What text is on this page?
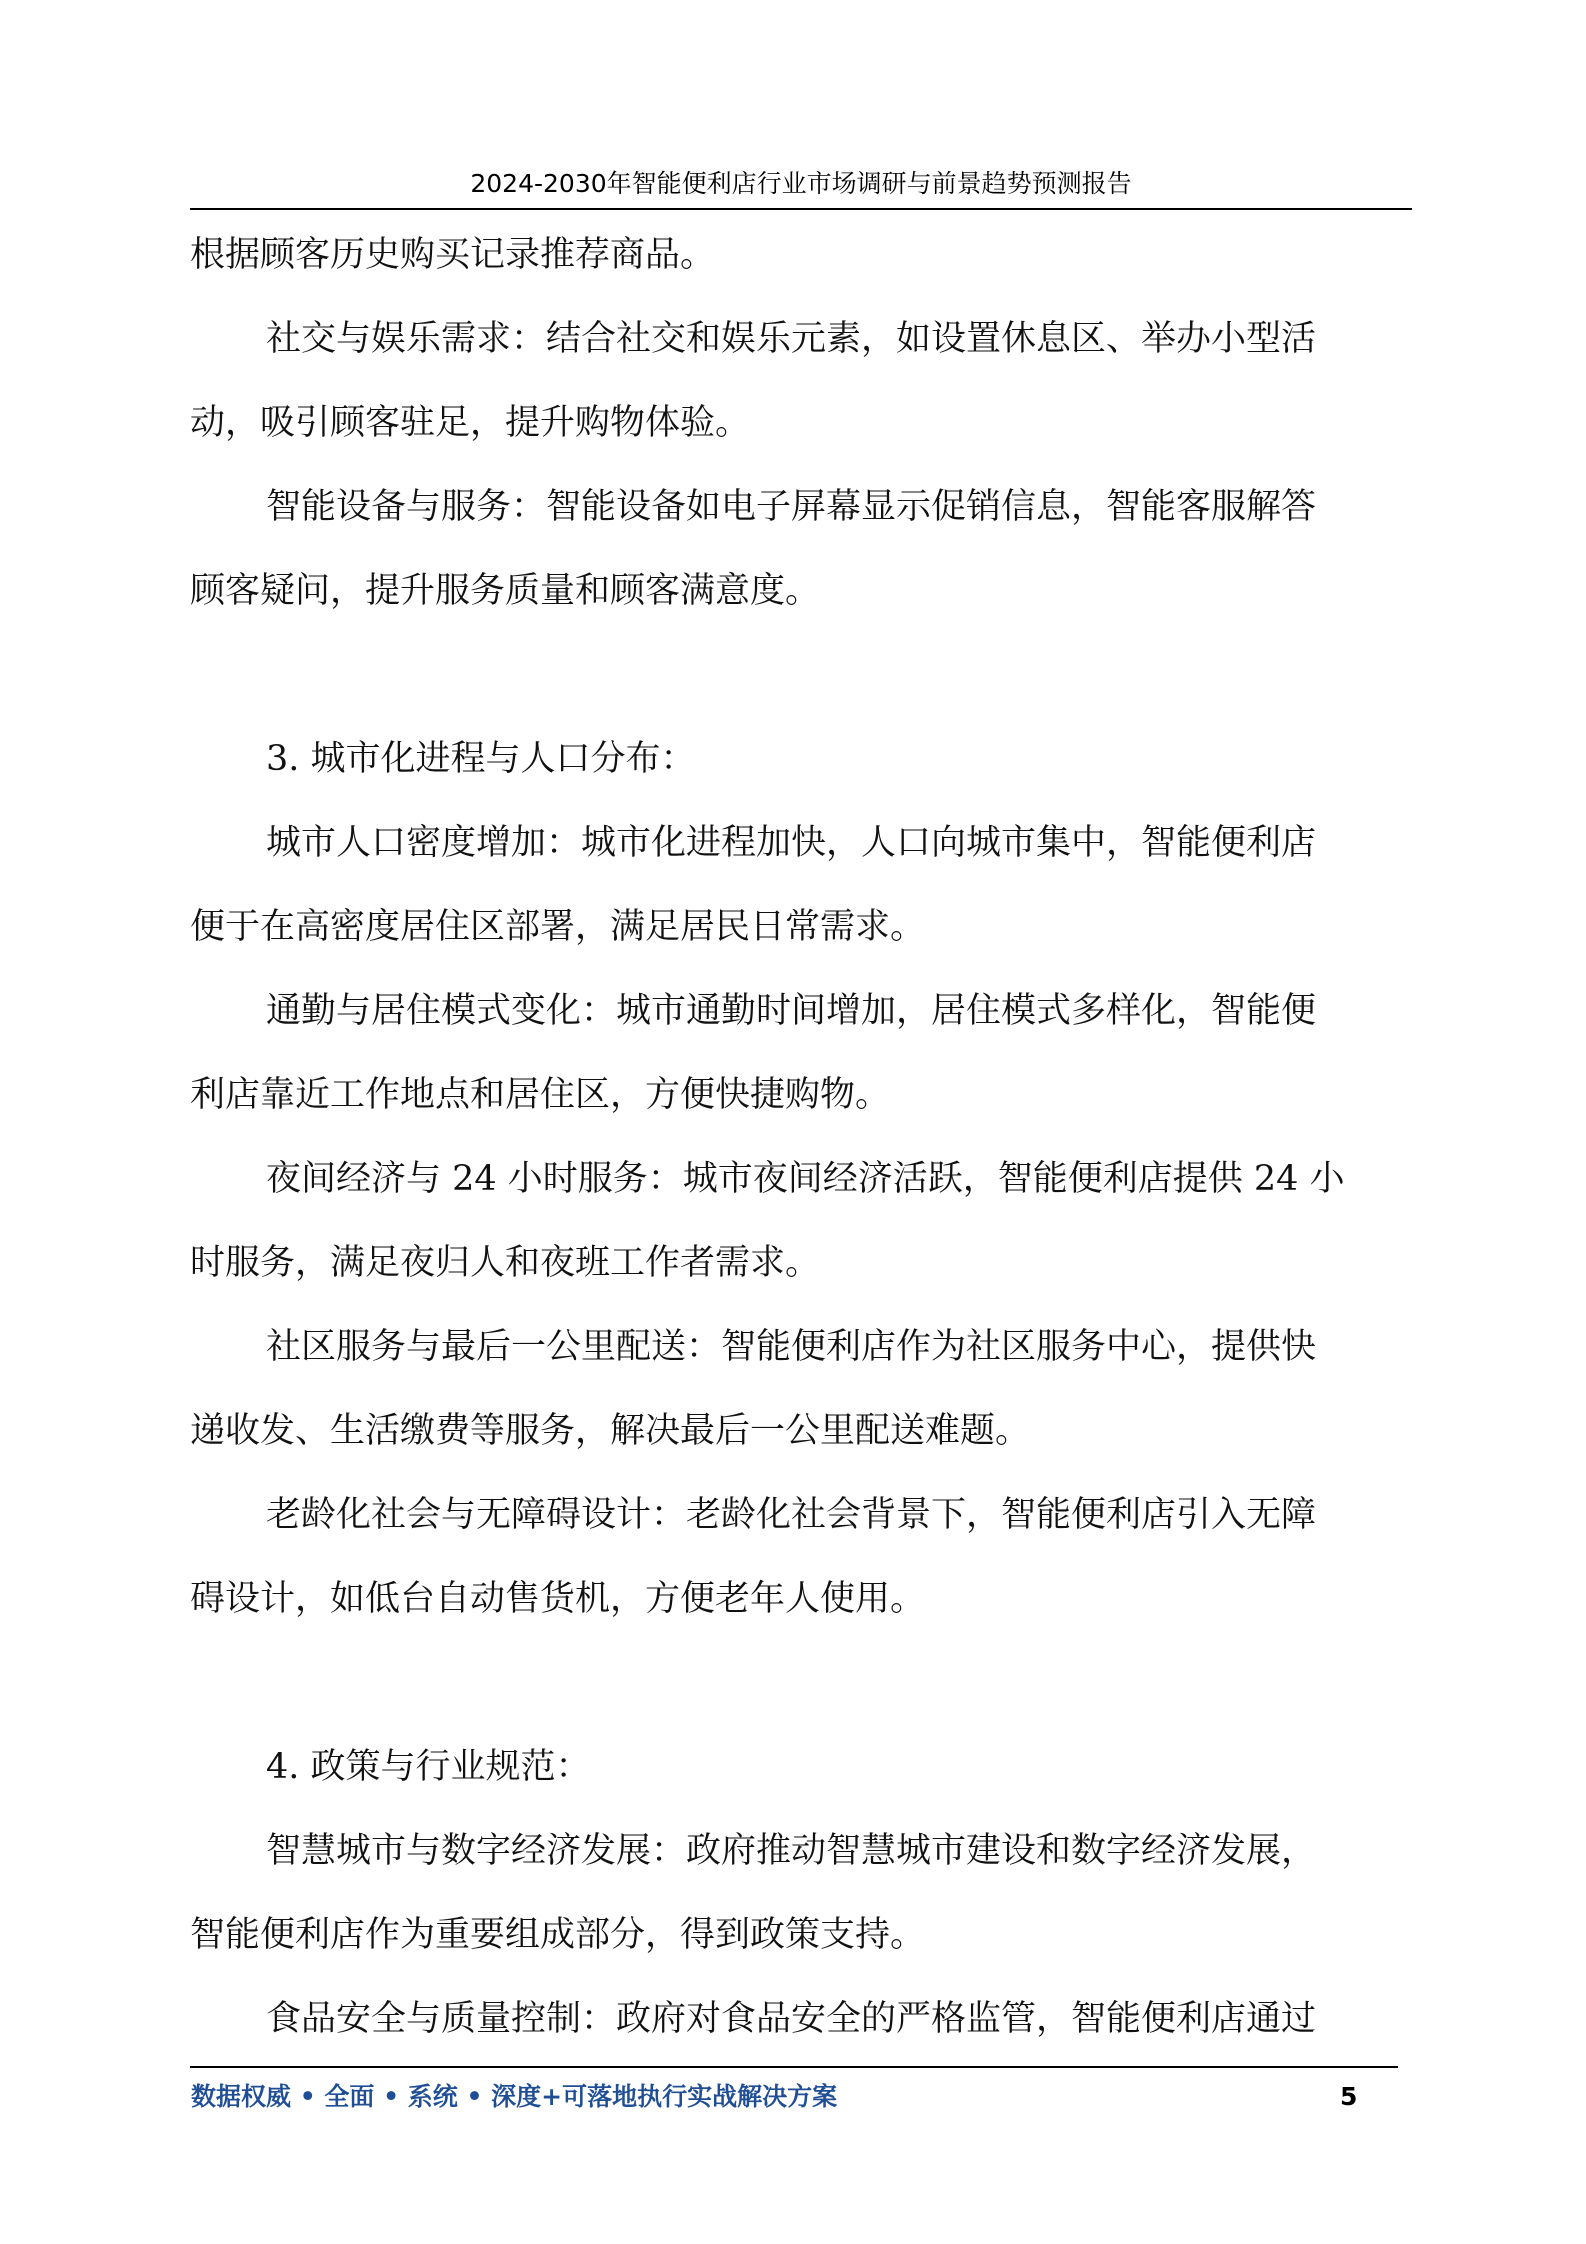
2024-2030年智能便利店行业市场调研与前景趋势预测报告
根据顾客历史购买记录推荐商品。
社交与娱乐需求：结合社交和娱乐元素，如设置休息区、举办小型活
动，吸引顾客驻足，提升购物体验。
智能设备与服务：智能设备如电子屏幕显示促销信息，智能客服解答
顾客疑问，提升服务质量和顾客满意度。
3. 城市化进程与人口分布：
城市人口密度增加：城市化进程加快，人口向城市集中，智能便利店
便于在高密度居住区部署，满足居民日常需求。
通勤与居住模式变化：城市通勤时间增加，居住模式多样化，智能便
利店靠近工作地点和居住区，方便快捷购物。
夜间经济与 24 小时服务：城市夜间经济活跃，智能便利店提供 24 小
时服务，满足夜归人和夜班工作者需求。
社区服务与最后一公里配送：智能便利店作为社区服务中心，提供快
递收发、生活缴费等服务，解决最后一公里配送难题。
老龄化社会与无障碍设计：老龄化社会背景下，智能便利店引入无障
碍设计，如低台自动售货机，方便老年人使用。
4. 政策与行业规范：
智慧城市与数字经济发展：政府推动智慧城市建设和数字经济发展，
智能便利店作为重要组成部分，得到政策支持。
食品安全与质量控制：政府对食品安全的严格监管，智能便利店通过
数据权威 • 全面 • 系统 • 深度+可落地执行实战解决方案	5
